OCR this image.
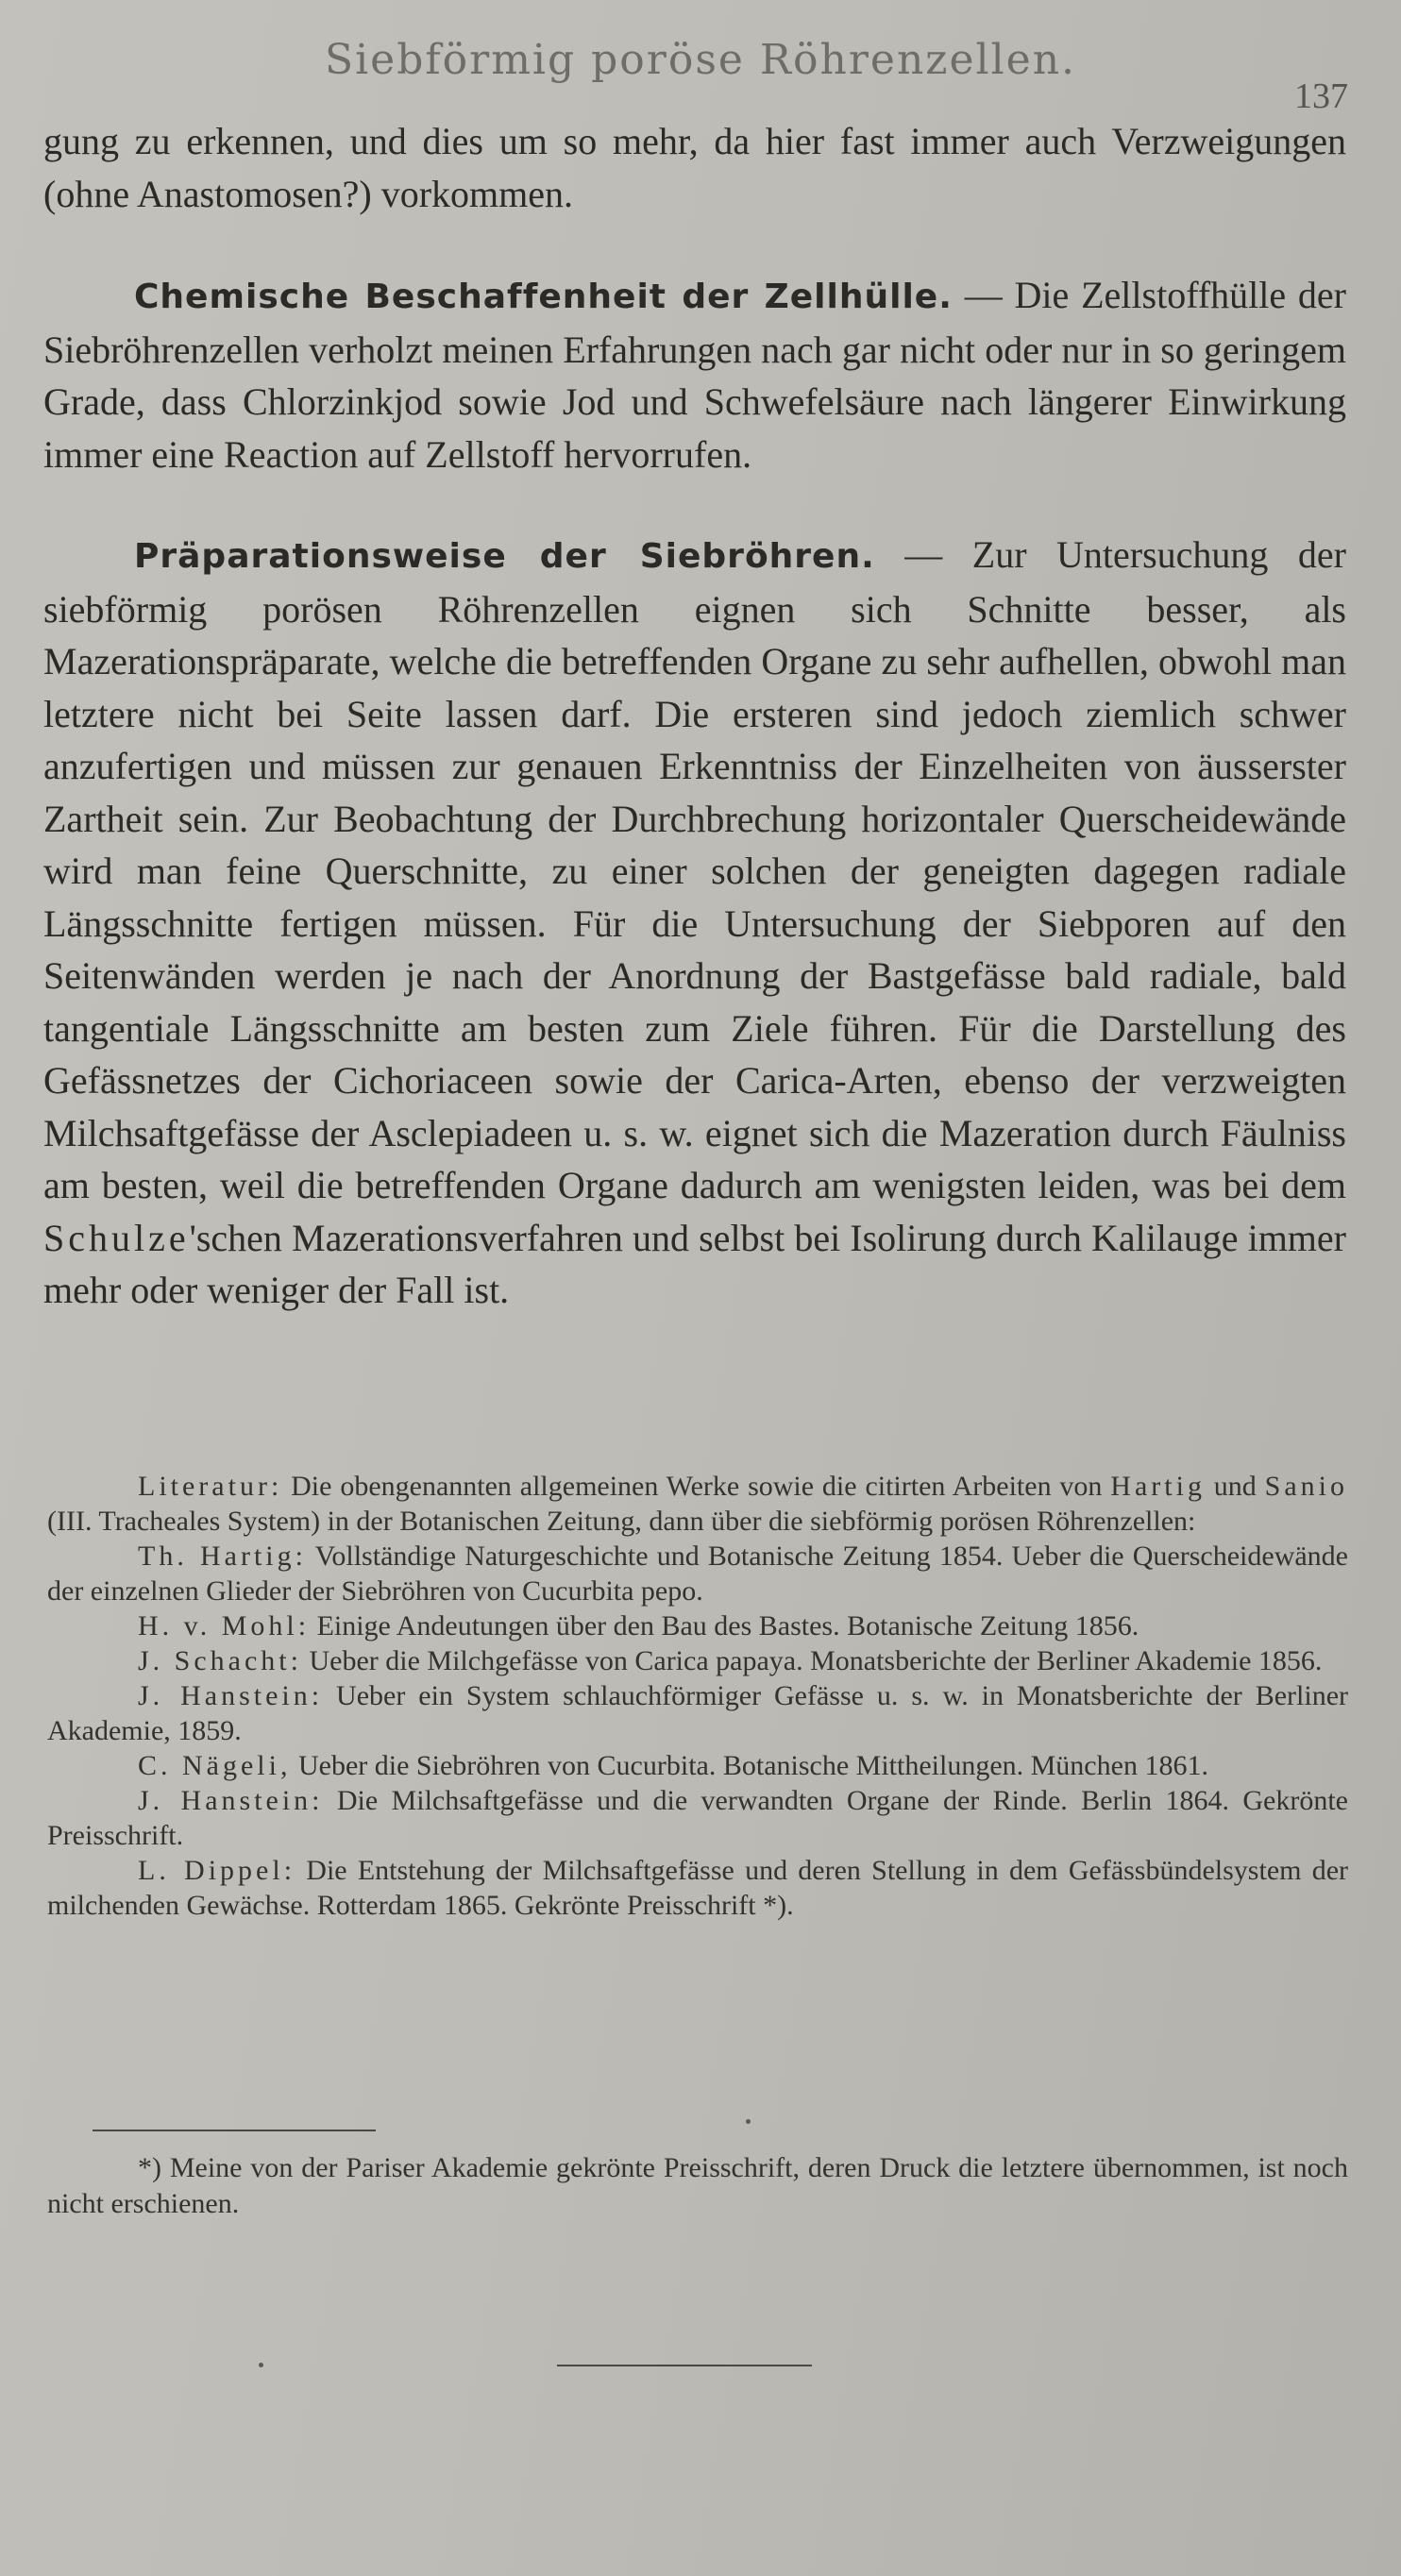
Siebförmig poröse Röhrenzellen.
137
gung zu erkennen, und dies um so mehr, da hier fast immer auch Verzweigungen (ohne Anastomosen?) vorkommen.
Chemische Beschaffenheit der Zellhülle. — Die Zellstoffhülle der Siebröhrenzellen verholzt meinen Erfahrungen nach gar nicht oder nur in so geringem Grade, dass Chlorzinkjod sowie Jod und Schwefelsäure nach längerer Einwirkung immer eine Reaction auf Zellstoff hervorrufen.
Präparationsweise der Siebröhren. — Zur Untersuchung der siebförmig porösen Röhrenzellen eignen sich Schnitte besser, als Mazerationspräparate, welche die betreffenden Organe zu sehr aufhellen, obwohl man letztere nicht bei Seite lassen darf. Die ersteren sind jedoch ziemlich schwer anzufertigen und müssen zur genauen Erkenntniss der Einzelheiten von äusserster Zartheit sein. Zur Beobachtung der Durchbrechung horizontaler Querscheidewände wird man feine Querschnitte, zu einer solchen der geneigten dagegen radiale Längsschnitte fertigen müssen. Für die Untersuchung der Siebporen auf den Seitenwänden werden je nach der Anordnung der Bastgefässe bald radiale, bald tangentiale Längsschnitte am besten zum Ziele führen. Für die Darstellung des Gefässnetzes der Cichoriaceen sowie der Carica-Arten, ebenso der verzweigten Milchsaftgefässe der Asclepiadeen u. s. w. eignet sich die Mazeration durch Fäulniss am besten, weil die betreffenden Organe dadurch am wenigsten leiden, was bei dem Schulze'schen Mazerationsverfahren und selbst bei Isolirung durch Kalilauge immer mehr oder weniger der Fall ist.

Literatur: Die obengenannten allgemeinen Werke sowie die citirten Arbeiten von Hartig und Sanio (III. Tracheales System) in der Botanischen Zeitung, dann über die siebförmig porösen Röhrenzellen:

Th. Hartig: Vollständige Naturgeschichte und Botanische Zeitung 1854. Ueber die Querscheidewände der einzelnen Glieder der Siebröhren von Cucurbita pepo.

H. v. Mohl: Einige Andeutungen über den Bau des Bastes. Botanische Zeitung 1856.

J. Schacht: Ueber die Milchgefässe von Carica papaya. Monatsberichte der Berliner Akademie 1856.

J. Hanstein: Ueber ein System schlauchförmiger Gefässe u. s. w. in Monatsberichte der Berliner Akademie, 1859.

C. Nägeli, Ueber die Siebröhren von Cucurbita. Botanische Mittheilungen. München 1861.

J. Hanstein: Die Milchsaftgefässe und die verwandten Organe der Rinde. Berlin 1864. Gekrönte Preisschrift.

L. Dippel: Die Entstehung der Milchsaftgefässe und deren Stellung in dem Gefässbündelsystem der milchenden Gewächse. Rotterdam 1865. Gekrönte Preisschrift *).

*) Meine von der Pariser Akademie gekrönte Preisschrift, deren Druck die letztere übernommen, ist noch nicht erschienen.
